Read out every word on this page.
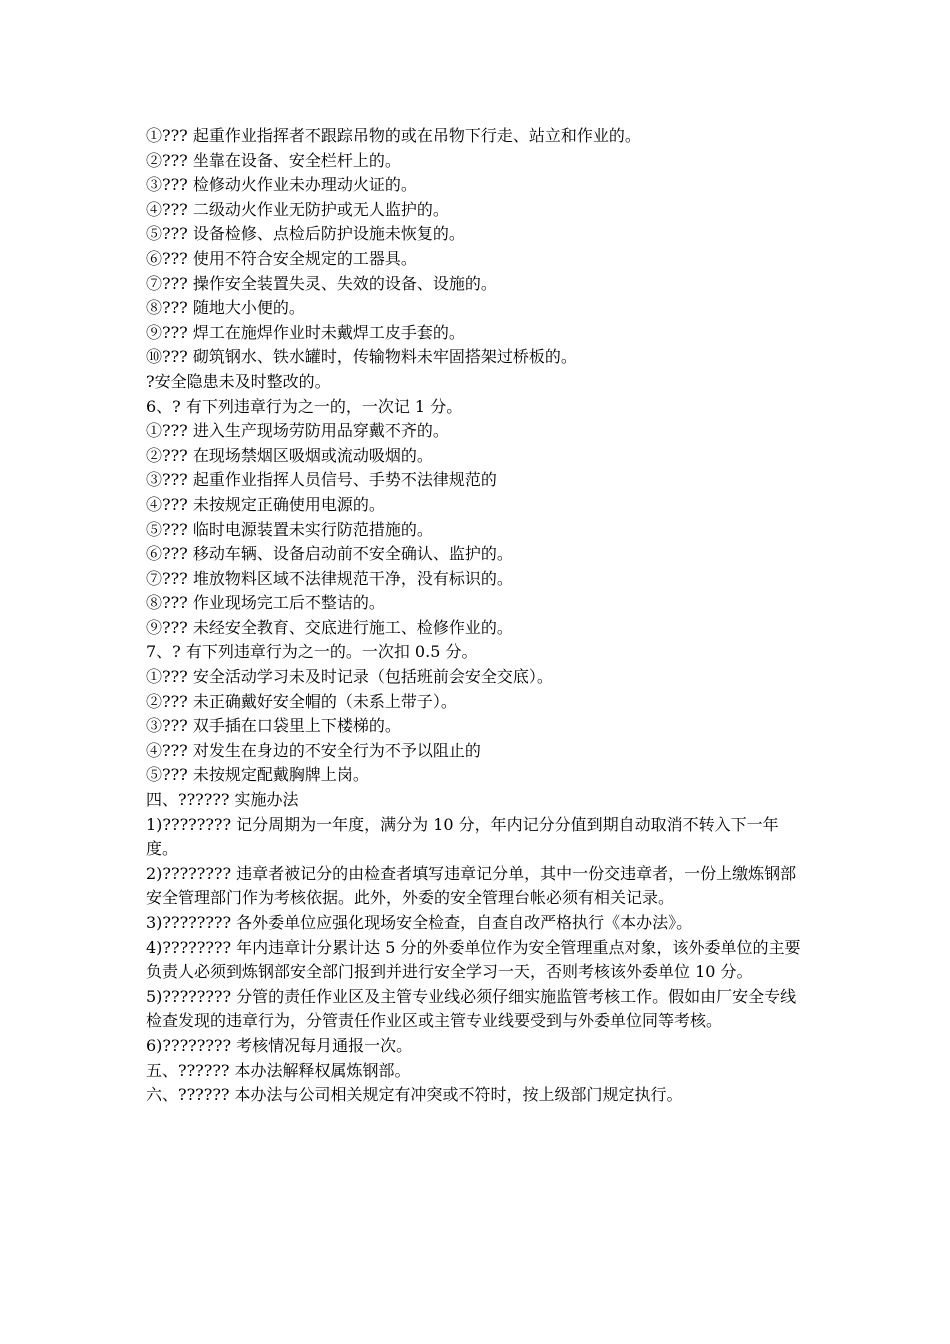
①??? 起重作业指挥者不跟踪吊物的或在吊物下行走、站立和作业的。

②??? 坐靠在设备、安全栏杆上的。

③??? 检修动火作业未办理动火证的。

④??? 二级动火作业无防护或无人监护的。

⑤??? 设备检修、点检后防护设施未恢复的。

⑥??? 使用不符合安全规定的工器具。

⑦??? 操作安全装置失灵、失效的设备、设施的。

⑧??? 随地大小便的。

⑨??? 焊工在施焊作业时未戴焊工皮手套的。

⑩??? 砌筑钢水、铁水罐时，传输物料未牢固搭架过桥板的。

?安全隐患未及时整改的。

6、? 有下列违章行为之一的，一次记 1 分。

①??? 进入生产现场劳防用品穿戴不齐的。

②??? 在现场禁烟区吸烟或流动吸烟的。

③??? 起重作业指挥人员信号、手势不法律规范的

④??? 未按规定正确使用电源的。

⑤??? 临时电源装置未实行防范措施的。

⑥??? 移动车辆、设备启动前不安全确认、监护的。

⑦??? 堆放物料区域不法律规范干净，没有标识的。

⑧??? 作业现场完工后不整诘的。

⑨??? 未经安全教育、交底进行施工、检修作业的。

7、? 有下列违章行为之一的。一次扣 0.5 分。

①??? 安全活动学习未及时记录（包括班前会安全交底）。

②??? 未正确戴好安全帽的（未系上带子）。

③??? 双手插在口袋里上下楼梯的。

④??? 对发生在身边的不安全行为不予以阻止的

⑤??? 未按规定配戴胸牌上岗。

四、?????? 实施办法

1)???????? 记分周期为一年度，满分为 10 分，年内记分分值到期自动取消不转入下一年度。

2)???????? 违章者被记分的由检查者填写违章记分单，其中一份交违章者，一份上缴炼钢部安全管理部门作为考核依据。此外，外委的安全管理台帐必须有相关记录。

3)???????? 各外委单位应强化现场安全检查，自查自改严格执行《本办法》。

4)???????? 年内违章计分累计达 5 分的外委单位作为安全管理重点对象，该外委单位的主要负责人必须到炼钢部安全部门报到并进行安全学习一天，否则考核该外委单位 10 分。

5)???????? 分管的责任作业区及主管专业线必须仔细实施监管考核工作。假如由厂安全专线检查发现的违章行为，分管责任作业区或主管专业线要受到与外委单位同等考核。

6)???????? 考核情况每月通报一次。

五、?????? 本办法解释权属炼钢部。

六、?????? 本办法与公司相关规定有冲突或不符时，按上级部门规定执行。
